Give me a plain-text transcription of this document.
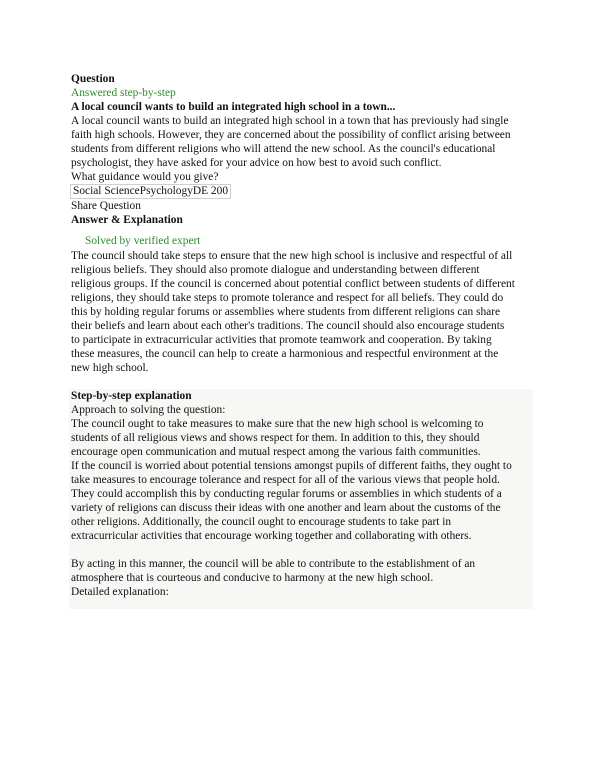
Question
Answered step-by-step
A local council wants to build an integrated high school in a town...
A local council wants to build an integrated high school in a town that has previously had single
faith high schools. However, they are concerned about the possibility of conflict arising between
students from different religions who will attend the new school. As the council's educational
psychologist, they have asked for your advice on how best to avoid such conflict.
What guidance would you give?
Social SciencePsychologyDE 200
Share Question
Answer & Explanation
Solved by verified expert
The council should take steps to ensure that the new high school is inclusive and respectful of all
religious beliefs. They should also promote dialogue and understanding between different
religious groups. If the council is concerned about potential conflict between students of different
religions, they should take steps to promote tolerance and respect for all beliefs. They could do
this by holding regular forums or assemblies where students from different religions can share
their beliefs and learn about each other's traditions. The council should also encourage students
to participate in extracurricular activities that promote teamwork and cooperation. By taking
these measures, the council can help to create a harmonious and respectful environment at the
new high school.
Step-by-step explanation
Approach to solving the question:
The council ought to take measures to make sure that the new high school is welcoming to
students of all religious views and shows respect for them. In addition to this, they should
encourage open communication and mutual respect among the various faith communities.
If the council is worried about potential tensions amongst pupils of different faiths, they ought to
take measures to encourage tolerance and respect for all of the various views that people hold.
They could accomplish this by conducting regular forums or assemblies in which students of a
variety of religions can discuss their ideas with one another and learn about the customs of the
other religions. Additionally, the council ought to encourage students to take part in
extracurricular activities that encourage working together and collaborating with others.
By acting in this manner, the council will be able to contribute to the establishment of an
atmosphere that is courteous and conducive to harmony at the new high school.
Detailed explanation:
